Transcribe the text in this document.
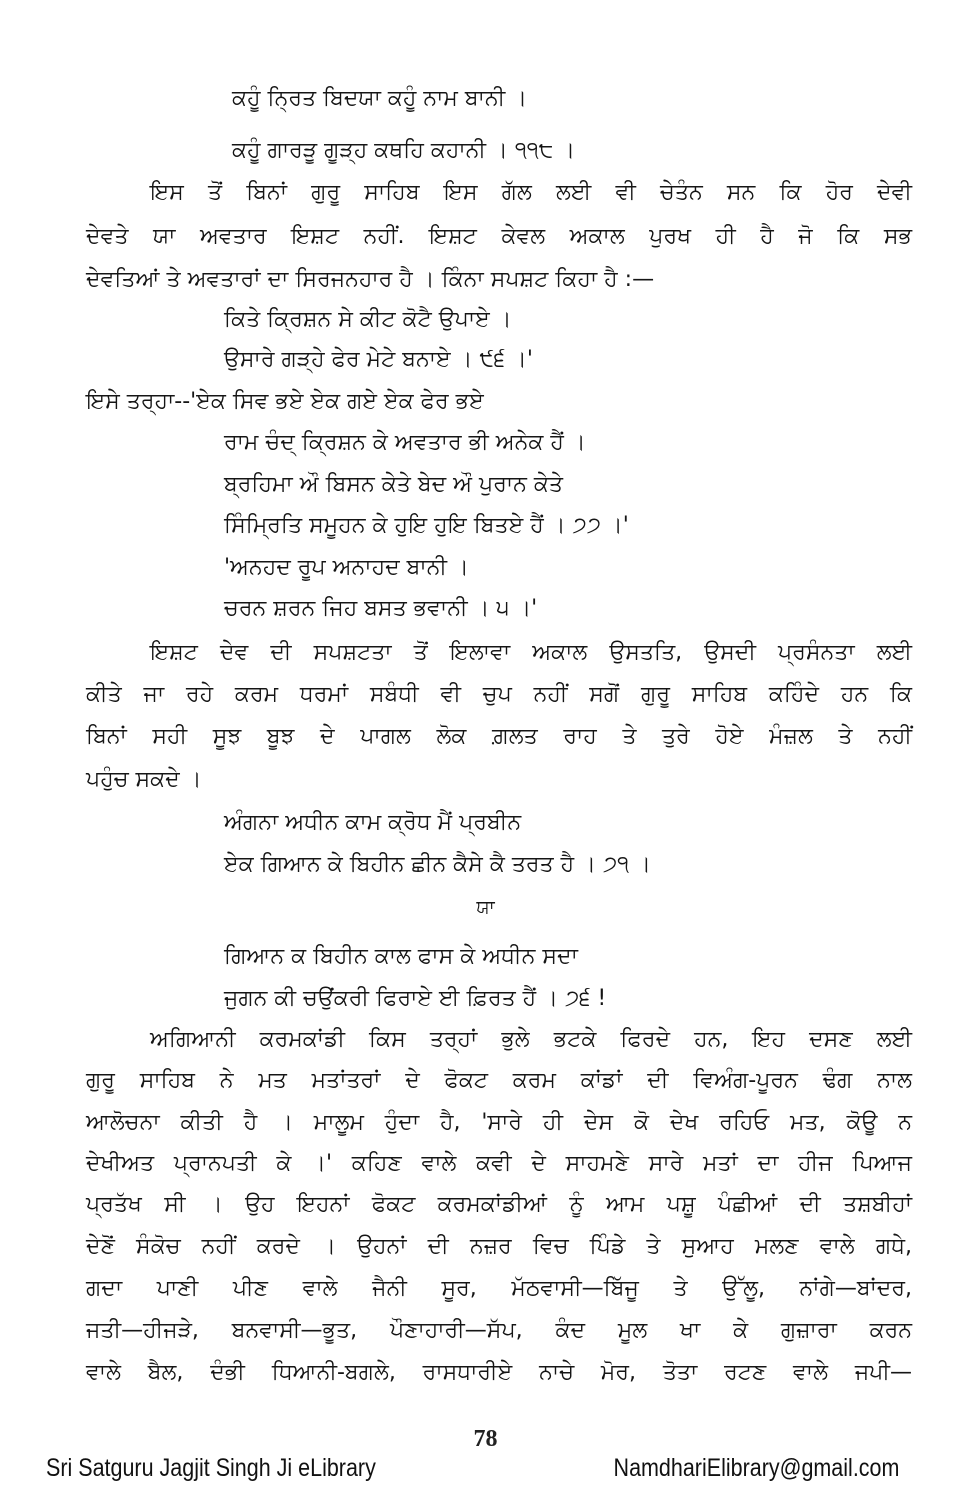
ਕਹੂੰ ਨ੍ਰਿਤ ਬਿਦਯਾ ਕਹੂੰ ਨਾਮ ਬਾਨੀ ।
ਕਹੂੰ ਗਾਰੜੂ ਗੂੜ੍ਹ ਕਥਹਿ ਕਹਾਨੀ । ੧੧੮ ।
ਇਸ ਤੋਂ ਬਿਨਾਂ ਗੁਰੂ ਸਾਹਿਬ ਇਸ ਗੱਲ ਲਈ ਵੀ ਚੇਤੰਨ ਸਨ ਕਿ ਹੋਰ ਦੇਵੀ
ਦੇਵਤੇ ਯਾ ਅਵਤਾਰ ਇਸ਼ਟ ਨਹੀਂ. ਇਸ਼ਟ ਕੇਵਲ ਅਕਾਲ ਪੁਰਖ ਹੀ ਹੈ ਜੋ ਕਿ ਸਭ
ਦੇਵਤਿਆਂ ਤੇ ਅਵਤਾਰਾਂ ਦਾ ਸਿਰਜਨਹਾਰ ਹੈ । ਕਿੰਨਾ ਸਪਸ਼ਟ ਕਿਹਾ ਹੈ :—
ਕਿਤੇ ਕ੍ਰਿਸ਼ਨ ਸੇ ਕੀਟ ਕੋਟੈ ਉਪਾਏ ।
ਉਸਾਰੇ ਗੜ੍ਹੇ ਫੇਰ ਮੇਟੇ ਬਨਾਏ । ੯੬ ।'
ਇਸੇ ਤਰ੍ਹਾ--'ਏਕ ਸਿਵ ਭਏ ਏਕ ਗਏ ਏਕ ਫੇਰ ਭਏ
ਰਾਮ ਚੰਦ੍ ਕ੍ਰਿਸ਼ਨ ਕੇ ਅਵਤਾਰ ਭੀ ਅਨੇਕ ਹੈਂ ।
ਬ੍ਰਹਿਮਾ ਔ ਬਿਸਨ ਕੇਤੇ ਬੇਦ ਔ ਪੁਰਾਨ ਕੇਤੇ
ਸਿੰਮ੍ਰਿਤਿ ਸਮੂਹਨ ਕੇ ਹੁਇ ਹੁਇ ਬਿਤਏ ਹੈਂ । ੭੭ ।'
'ਅਨਹਦ ਰੂਪ ਅਨਾਹਦ ਬਾਨੀ ।
ਚਰਨ ਸ਼ਰਨ ਜਿਹ ਬਸਤ ਭਵਾਨੀ । ੫ ।'
ਇਸ਼ਟ ਦੇਵ ਦੀ ਸਪਸ਼ਟਤਾ ਤੋਂ ਇਲਾਵਾ ਅਕਾਲ ਉਸਤਤਿ, ਉਸਦੀ ਪ੍ਰਸੰਨਤਾ ਲਈ
ਕੀਤੇ ਜਾ ਰਹੇ ਕਰਮ ਧਰਮਾਂ ਸਬੰਧੀ ਵੀ ਚੁਪ ਨਹੀਂ ਸਗੋਂ ਗੁਰੂ ਸਾਹਿਬ ਕਹਿੰਦੇ ਹਨ ਕਿ
ਬਿਨਾਂ ਸਹੀ ਸੂਝ ਬੂਝ ਦੇ ਪਾਗਲ ਲੋਕ ਗ਼ਲਤ ਰਾਹ ਤੇ ਤੁਰੇ ਹੋਏ ਮੰਜ਼ਲ ਤੇ ਨਹੀਂ
ਪਹੁੰਚ ਸਕਦੇ ।
ਅੰਗਨਾ ਅਧੀਨ ਕਾਮ ਕ੍ਰੋਧ ਮੈਂ ਪ੍ਰਬੀਨ
ਏਕ ਗਿਆਨ ਕੇ ਬਿਹੀਨ ਛੀਨ ਕੈਸੇ ਕੈ ਤਰਤ ਹੈ । ੭੧ ।
ਯਾ
ਗਿਆਨ ਕ ਬਿਹੀਨ ਕਾਲ ਫਾਸ ਕੇ ਅਧੀਨ ਸਦਾ
ਜੁਗਨ ਕੀ ਚਉਂਕਰੀ ਫਿਰਾਏ ਈ ਫ਼ਿਰਤ ਹੈਂ । ੭੬ !
ਅਗਿਆਨੀ ਕਰਮਕਾਂਡੀ ਕਿਸ ਤਰ੍ਹਾਂ ਭੁਲੇ ਭਟਕੇ ਫਿਰਦੇ ਹਨ, ਇਹ ਦਸਣ ਲਈ
ਗੁਰੂ ਸਾਹਿਬ ਨੇ ਮਤ ਮਤਾਂਤਰਾਂ ਦੇ ਫੋਕਟ ਕਰਮ ਕਾਂਡਾਂ ਦੀ ਵਿਅੰਗ-ਪੂਰਨ ਢੰਗ ਨਾਲ
ਆਲੋਚਨਾ ਕੀਤੀ ਹੈ । ਮਾਲੂਮ ਹੁੰਦਾ ਹੈ, 'ਸਾਰੇ ਹੀ ਦੇਸ ਕੋ ਦੇਖ ਰਹਿਓ ਮਤ, ਕੋਊ ਨ
ਦੇਖੀਅਤ ਪ੍ਰਾਨਪਤੀ ਕੇ ।' ਕਹਿਣ ਵਾਲੇ ਕਵੀ ਦੇ ਸਾਹਮਣੇ ਸਾਰੇ ਮਤਾਂ ਦਾ ਹੀਜ ਪਿਆਜ
ਪ੍ਰਤੱਖ ਸੀ । ਉਹ ਇਹਨਾਂ ਫੋਕਟ ਕਰਮਕਾਂਡੀਆਂ ਨੂੰ ਆਮ ਪਸ਼ੂ ਪੰਛੀਆਂ ਦੀ ਤਸ਼ਬੀਹਾਂ
ਦੇਣੋਂ ਸੰਕੋਚ ਨਹੀਂ ਕਰਦੇ । ਉਹਨਾਂ ਦੀ ਨਜ਼ਰ ਵਿਚ ਪਿੰਡੇ ਤੇ ਸੁਆਹ ਮਲਣ ਵਾਲੇ ਗਧੇ,
ਗਦਾ ਪਾਣੀ ਪੀਣ ਵਾਲੇ ਜੈਨੀ ਸੂਰ, ਮੱਠਵਾਸੀ—ਬਿੱਜੂ ਤੇ ਉੱਲੂ, ਨਾਂਗੇ—ਬਾਂਦਰ,
ਜਤੀ—ਹੀਜੜੇ, ਬਨਵਾਸੀ—ਭੂਤ, ਪੌਣਾਹਾਰੀ—ਸੱਪ, ਕੰਦ ਮੂਲ ਖਾ ਕੇ ਗੁਜ਼ਾਰਾ ਕਰਨ
ਵਾਲੇ ਬੈਲ, ਦੰਭੀ ਧਿਆਨੀ-ਬਗਲੇ, ਰਾਸਧਾਰੀਏ ਨਾਚੇ ਮੋਰ, ਤੋਤਾ ਰਟਣ ਵਾਲੇ ਜਪੀ—
78
Sri Satguru Jagjit Singh Ji eLibrary	NamdhariElibrary@gmail.com
